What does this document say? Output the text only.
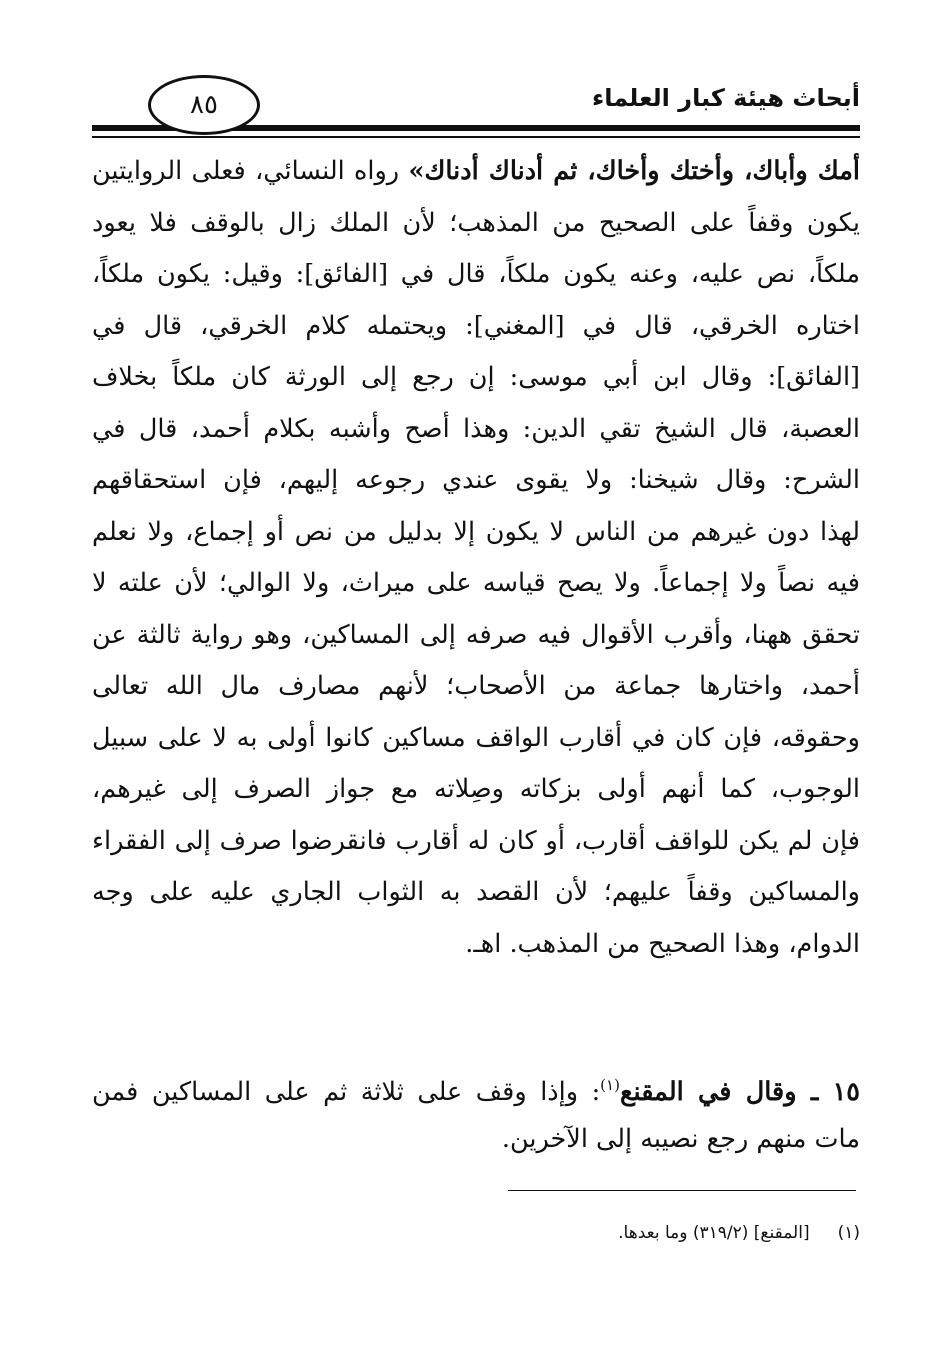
أبحاث هيئة كبار العلماء
٨٥
أمك وأباك، وأختك وأخاك، ثم أدناك أدناك» رواه النسائي، فعلى الروايتين
يكون وقفاً على الصحيح من المذهب؛ لأن الملك زال بالوقف فلا يعود
ملكاً، نص عليه، وعنه يكون ملكاً، قال في [الفائق]: وقيل: يكون ملكاً،
اختاره الخرقي، قال في [المغني]: ويحتمله كلام الخرقي، قال في
[الفائق]: وقال ابن أبي موسى: إن رجع إلى الورثة كان ملكاً بخلاف
العصبة، قال الشيخ تقي الدين: وهذا أصح وأشبه بكلام أحمد، قال في
الشرح: وقال شيخنا: ولا يقوى عندي رجوعه إليهم، فإن استحقاقهم
لهذا دون غيرهم من الناس لا يكون إلا بدليل من نص أو إجماع، ولا نعلم
فيه نصاً ولا إجماعاً. ولا يصح قياسه على ميراث، ولا الوالي؛ لأن علته لا
تحقق ههنا، وأقرب الأقوال فيه صرفه إلى المساكين، وهو رواية ثالثة عن
أحمد، واختارها جماعة من الأصحاب؛ لأنهم مصارف مال الله تعالى
وحقوقه، فإن كان في أقارب الواقف مساكين كانوا أولى به لا على سبيل
الوجوب، كما أنهم أولى بزكاته وصِلاته مع جواز الصرف إلى غيرهم،
فإن لم يكن للواقف أقارب، أو كان له أقارب فانقرضوا صرف إلى الفقراء
والمساكين وقفاً عليهم؛ لأن القصد به الثواب الجاري عليه على وجه
الدوام، وهذا الصحيح من المذهب. اهـ.
١٥ ـ وقال في المقنع$^{(١)}$: وإذا وقف على ثلاثة ثم على المساكين فمن
مات منهم رجع نصيبه إلى الآخرين.
(١)[المقنع] (٣١٩/٢) وما بعدها.
